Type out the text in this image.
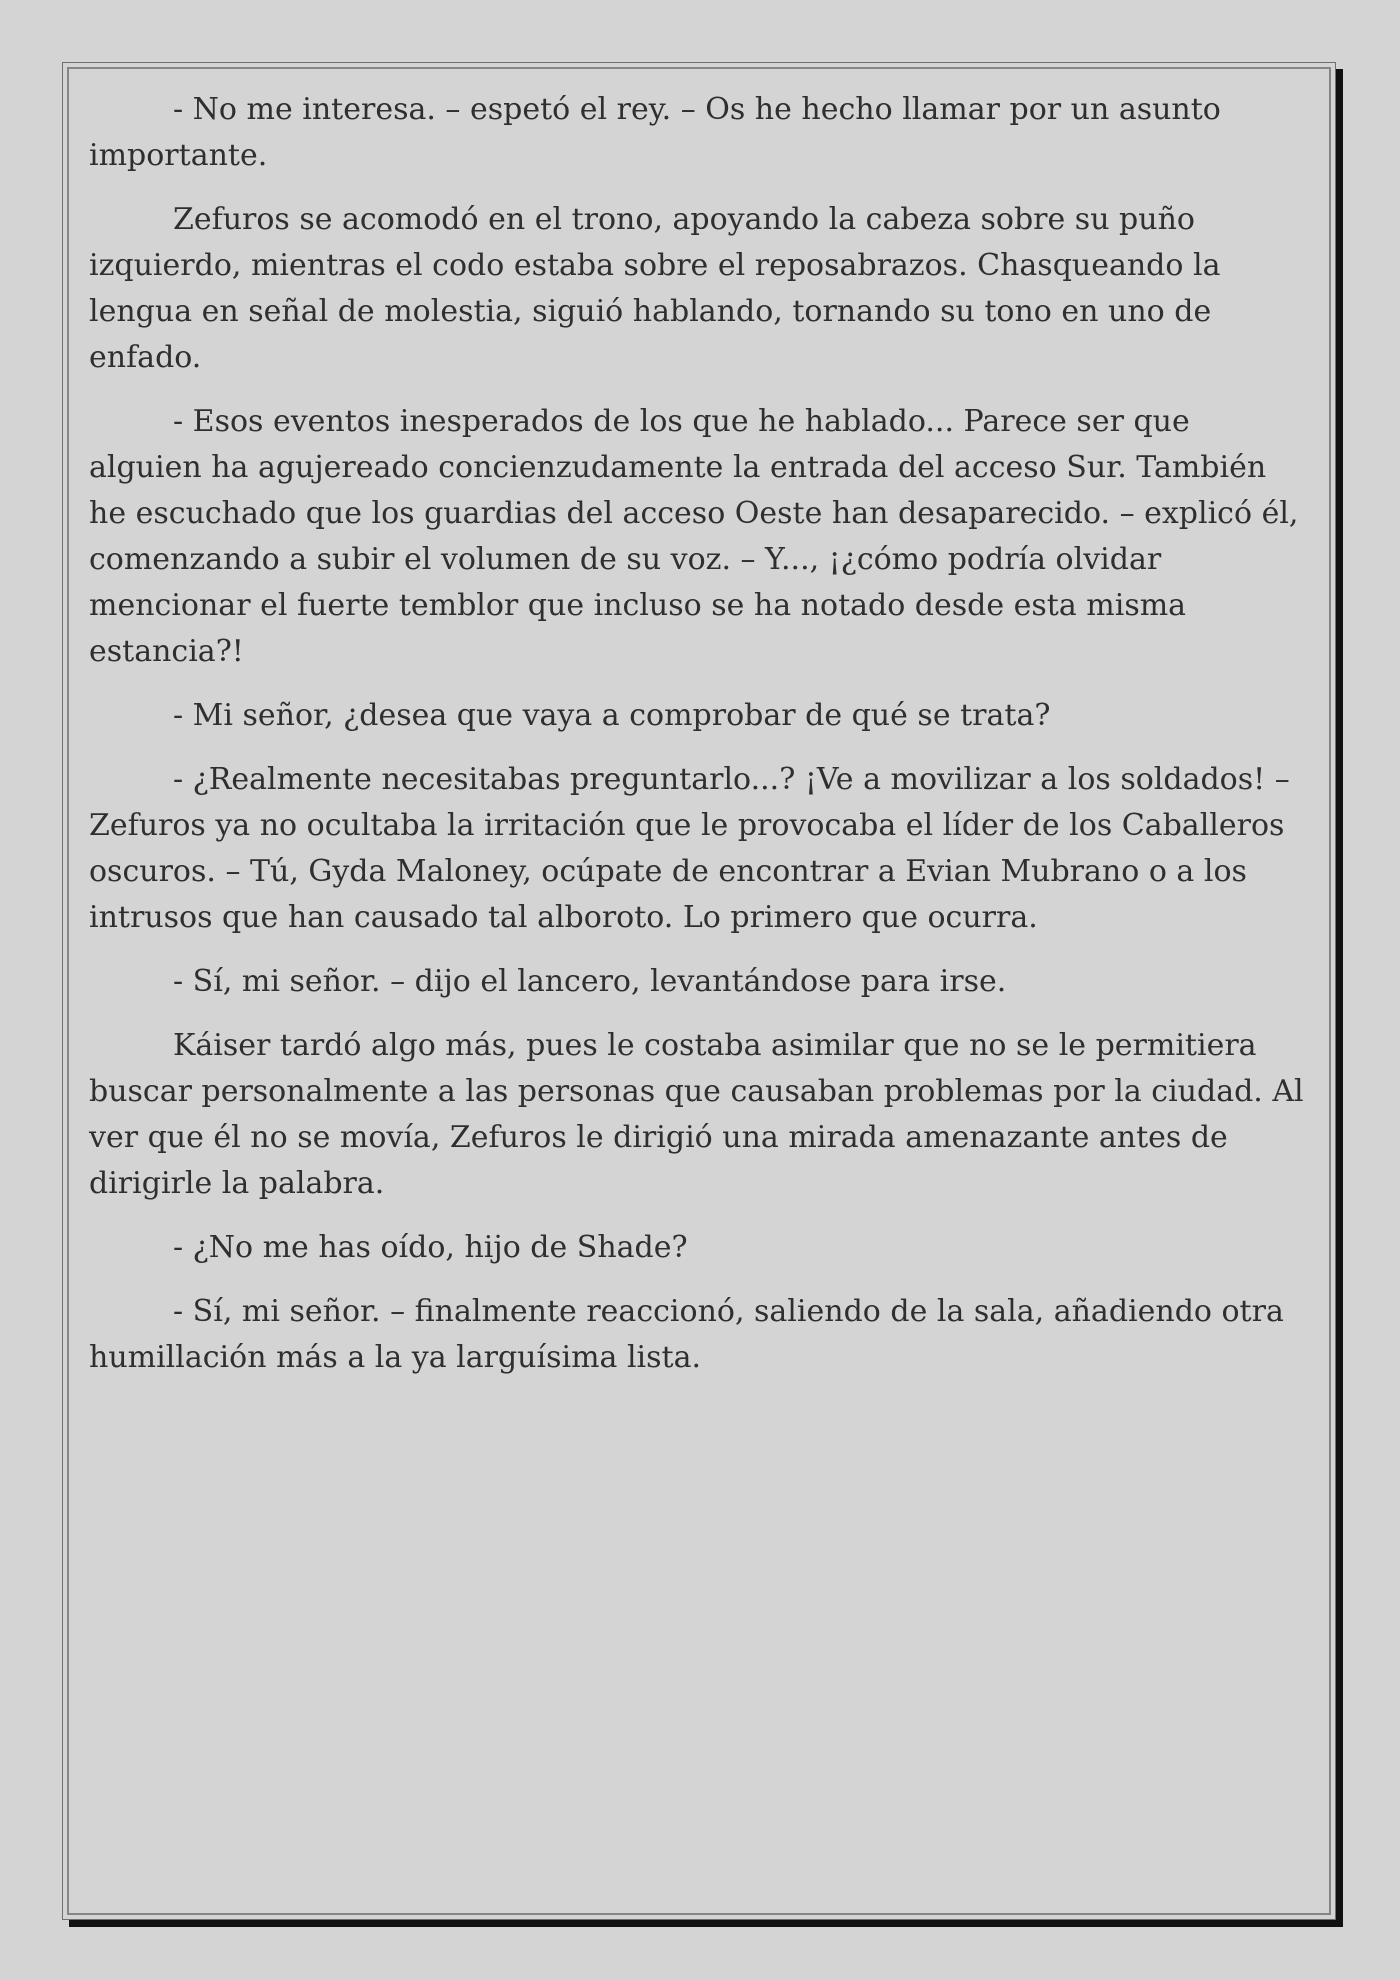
- No me interesa. – espetó el rey. – Os he hecho llamar por un asunto importante.

Zefuros se acomodó en el trono, apoyando la cabeza sobre su puño izquierdo, mientras el codo estaba sobre el reposabrazos. Chasqueando la lengua en señal de molestia, siguió hablando, tornando su tono en uno de enfado.

- Esos eventos inesperados de los que he hablado... Parece ser que alguien ha agujereado concienzudamente la entrada del acceso Sur. También he escuchado que los guardias del acceso Oeste han desaparecido. – explicó él, comenzando a subir el volumen de su voz. – Y..., ¡¿cómo podría olvidar mencionar el fuerte temblor que incluso se ha notado desde esta misma estancia?!

- Mi señor, ¿desea que vaya a comprobar de qué se trata?

- ¿Realmente necesitabas preguntarlo...? ¡Ve a movilizar a los soldados! – Zefuros ya no ocultaba la irritación que le provocaba el líder de los Caballeros oscuros. – Tú, Gyda Maloney, ocúpate de encontrar a Evian Mubrano o a los intrusos que han causado tal alboroto. Lo primero que ocurra.

- Sí, mi señor. – dijo el lancero, levantándose para irse.

Káiser tardó algo más, pues le costaba asimilar que no se le permitiera buscar personalmente a las personas que causaban problemas por la ciudad. Al ver que él no se movía, Zefuros le dirigió una mirada amenazante antes de dirigirle la palabra.

- ¿No me has oído, hijo de Shade?

- Sí, mi señor. – finalmente reaccionó, saliendo de la sala, añadiendo otra humillación más a la ya larguísima lista.
